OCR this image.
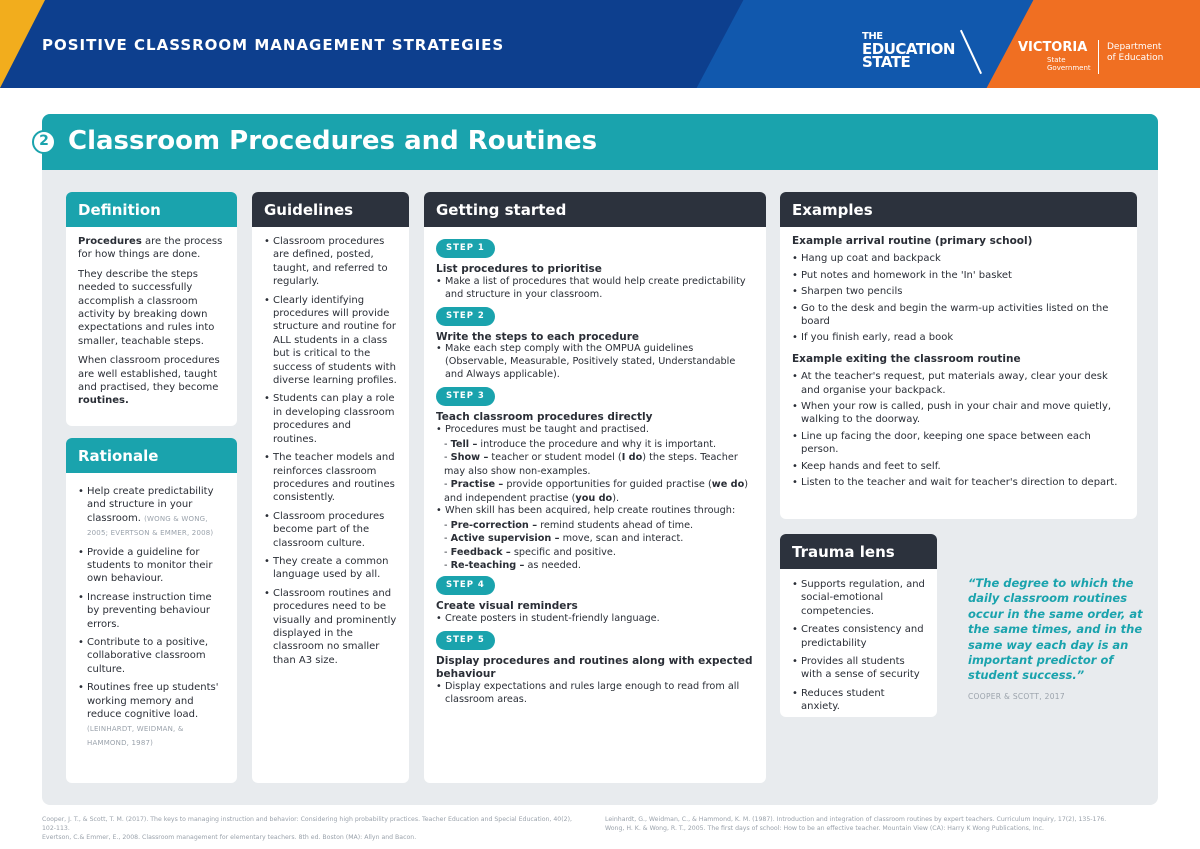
POSITIVE CLASSROOM MANAGEMENT STRATEGIES	THE
EDUCATION
STATE
VICTORIA
State
Government
Department
of Education
2 Classroom Procedures and Routines
Definition

Procedures are the process for how things are done.

They describe the steps needed to successfully accomplish a classroom activity by breaking down expectations and rules into smaller, teachable steps.

When classroom procedures are well established, taught and practised, they become routines.

Rationale
• Help create predictability and structure in your classroom. (WONG & WONG, 2005; EVERTSON & EMMER, 2008)
• Provide a guideline for students to monitor their own behaviour.
• Increase instruction time by preventing behaviour errors.
• Contribute to a positive, collaborative classroom culture.
• Routines free up students' working memory and reduce cognitive load. (LEINHARDT, WEIDMAN, & HAMMOND, 1987)
Guidelines
• Classroom procedures are defined, posted, taught, and referred to regularly.
• Clearly identifying procedures will provide structure and routine for ALL students in a class but is critical to the success of students with diverse learning profiles.
• Students can play a role in developing classroom procedures and routines.
• The teacher models and reinforces classroom procedures and routines consistently.
• Classroom procedures become part of the classroom culture.
• They create a common language used by all.
• Classroom routines and procedures need to be visually and prominently displayed in the classroom no smaller than A3 size.
Getting started
STEP 1
List procedures to prioritise
• Make a list of procedures that would help create predictability and structure in your classroom.
STEP 2
Write the steps to each procedure
• Make each step comply with the OMPUA guidelines (Observable, Measurable, Positively stated, Understandable and Always applicable).
STEP 3
Teach classroom procedures directly
• Procedures must be taught and practised.
- Tell – introduce the procedure and why it is important.
- Show – teacher or student model (I do) the steps. Teacher may also show non-examples.
- Practise – provide opportunities for guided practise (we do) and independent practise (you do).
• When skill has been acquired, help create routines through:
- Pre-correction – remind students ahead of time.
- Active supervision – move, scan and interact.
- Feedback – specific and positive.
- Re-teaching – as needed.
STEP 4
Create visual reminders
• Create posters in student-friendly language.
STEP 5
Display procedures and routines along with expected behaviour
• Display expectations and rules large enough to read from all classroom areas.
Examples
Example arrival routine (primary school)
• Hang up coat and backpack
• Put notes and homework in the 'In' basket
• Sharpen two pencils
• Go to the desk and begin the warm-up activities listed on the board
• If you finish early, read a book
Example exiting the classroom routine
• At the teacher's request, put materials away, clear your desk and organise your backpack.
• When your row is called, push in your chair and move quietly, walking to the doorway.
• Line up facing the door, keeping one space between each person.
• Keep hands and feet to self.
• Listen to the teacher and wait for teacher's direction to depart.
Trauma lens
• Supports regulation, and social-emotional competencies.
• Creates consistency and predictability
• Provides all students with a sense of security
• Reduces student anxiety.
“The degree to which the daily classroom routines occur in the same order, at the same times, and in the same way each day is an important predictor of student success.”
COOPER & SCOTT, 2017
Cooper, J. T., & Scott, T. M. (2017). The keys to managing instruction and behavior: Considering high probability practices. Teacher Education and Special Education, 40(2), 102-113.
Evertson, C.& Emmer, E., 2008. Classroom management for elementary teachers. 8th ed. Boston (MA): Allyn and Bacon.
Leinhardt, G., Weidman, C., & Hammond, K. M. (1987). Introduction and integration of classroom routines by expert teachers. Curriculum Inquiry, 17(2), 135-176.
Wong, H. K. & Wong, R. T., 2005. The first days of school: How to be an effective teacher. Mountain View (CA): Harry K Wong Publications, Inc.
